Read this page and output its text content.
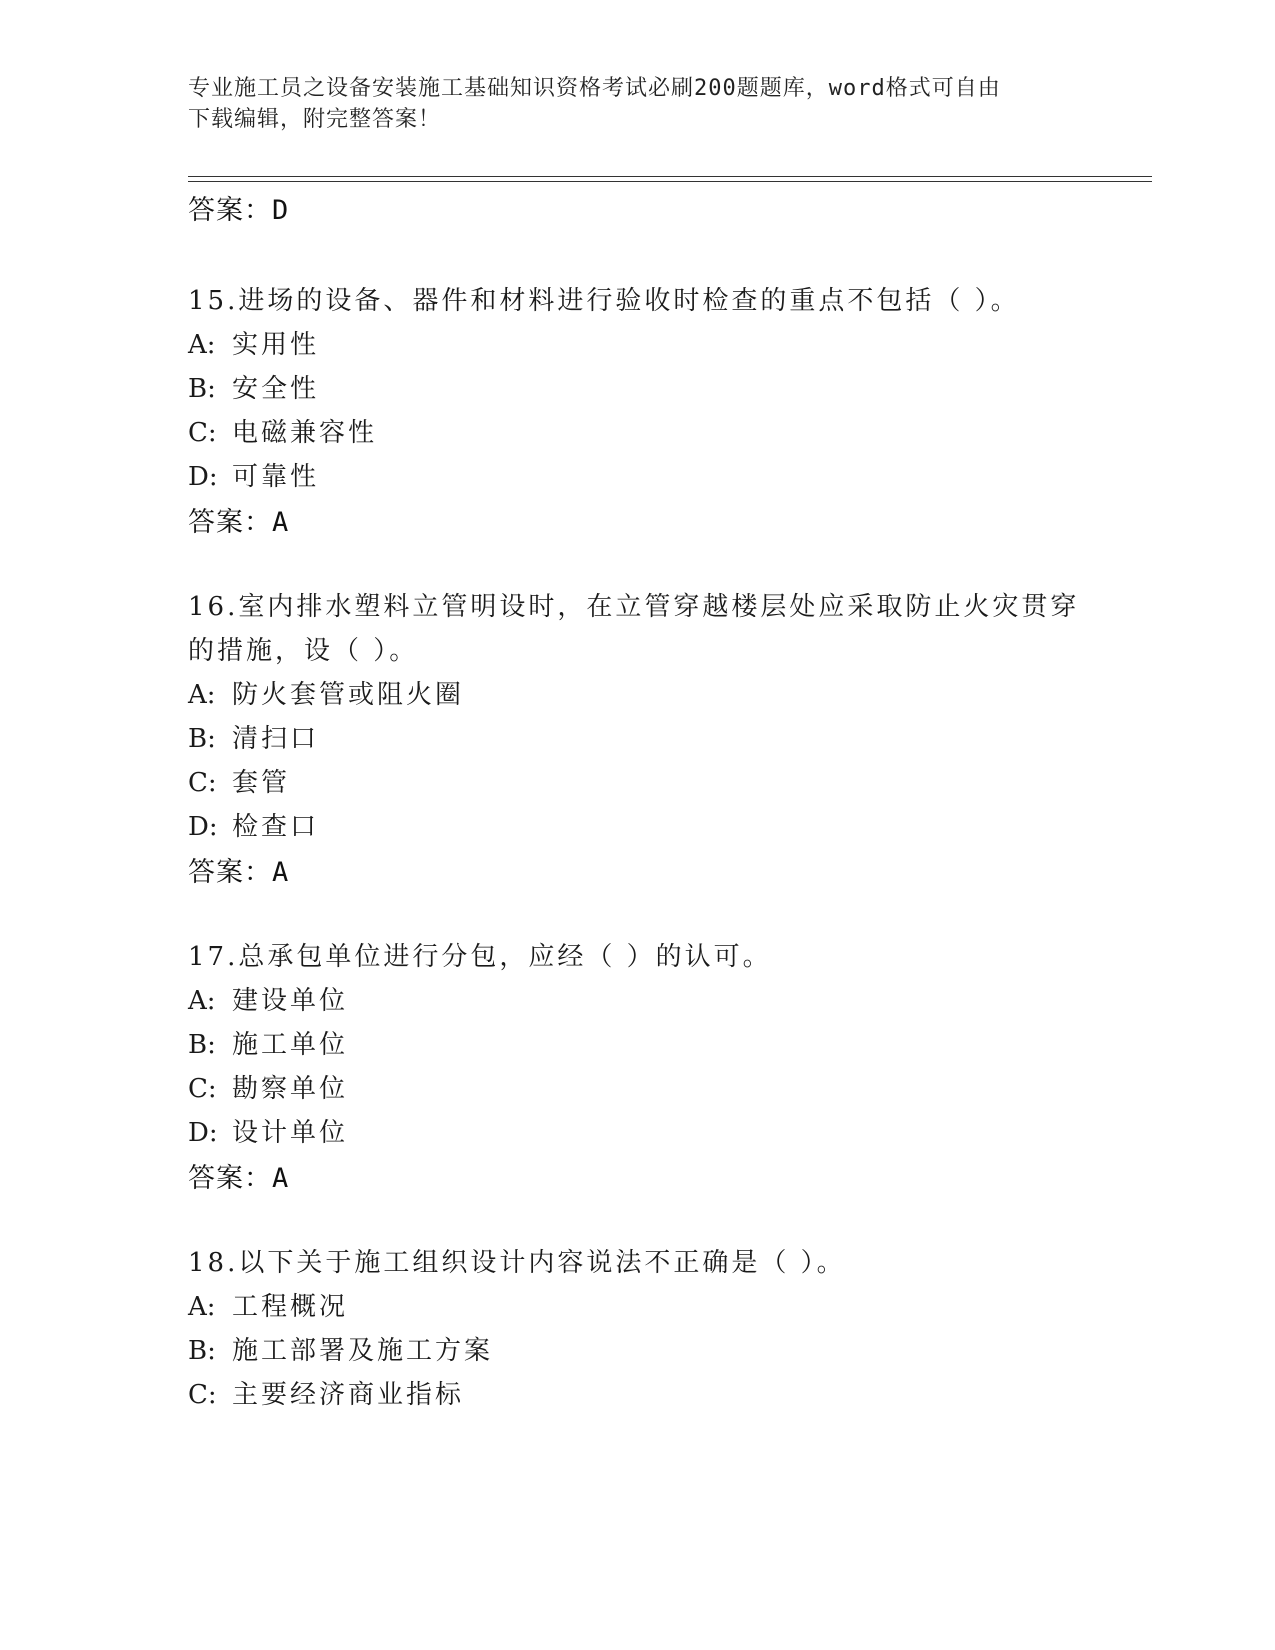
专业施工员之设备安装施工基础知识资格考试必刷200题题库，word格式可自由
下载编辑，附完整答案！
答案：D
15.进场的设备、器件和材料进行验收时检查的重点不包括（ ）。
A: 实用性
B: 安全性
C: 电磁兼容性
D: 可靠性
答案：A
16.室内排水塑料立管明设时，在立管穿越楼层处应采取防止火灾贯穿
的措施，设（ ）。
A: 防火套管或阻火圈
B: 清扫口
C: 套管
D: 检查口
答案：A
17.总承包单位进行分包，应经（ ）的认可。
A: 建设单位
B: 施工单位
C: 勘察单位
D: 设计单位
答案：A
18.以下关于施工组织设计内容说法不正确是（ ）。
A: 工程概况
B: 施工部署及施工方案
C: 主要经济商业指标
